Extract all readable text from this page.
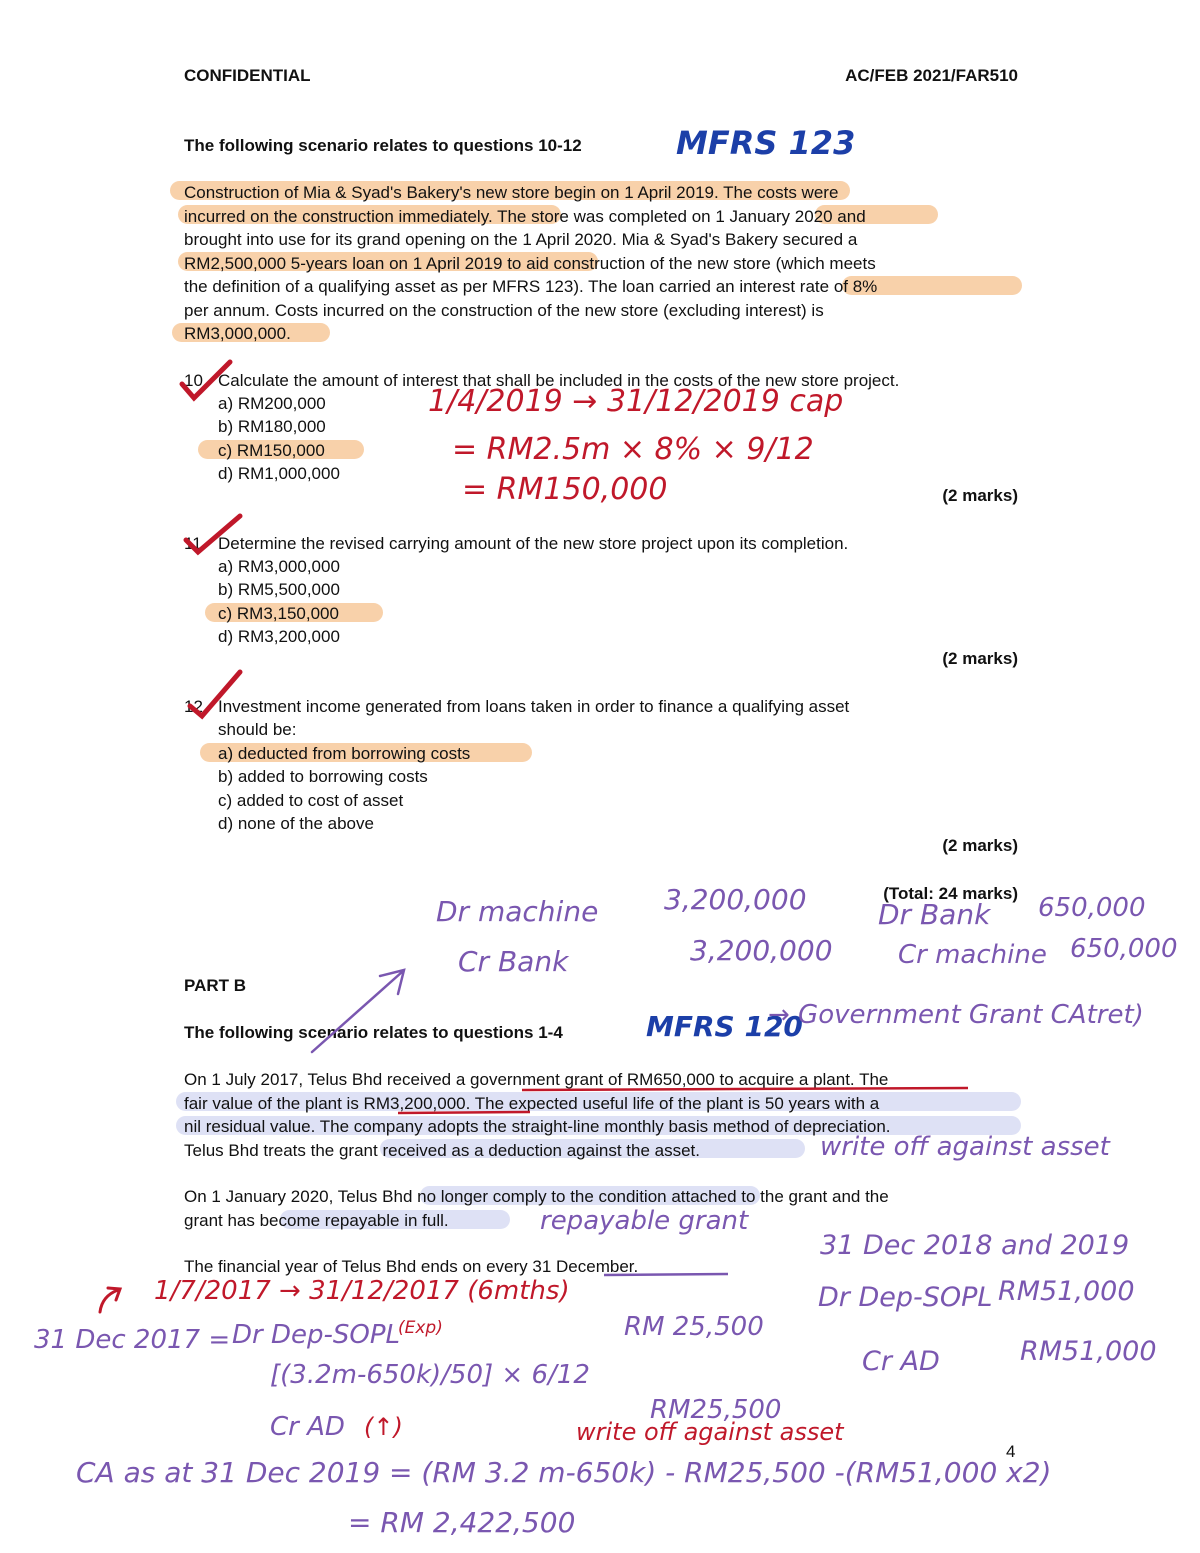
CONFIDENTIAL	AC/FEB 2021/FAR510
The following scenario relates to questions 10-12	MFRS 123
Construction of Mia & Syad's Bakery's new store begin on 1 April 2019. The costs were
incurred on the construction immediately. The store was completed on 1 January 2020 and
brought into use for its grand opening on the 1 April 2020. Mia & Syad's Bakery secured a
RM2,500,000 5-years loan on 1 April 2019 to aid construction of the new store (which meets
the definition of a qualifying asset as per MFRS 123). The loan carried an interest rate of 8%
per annum. Costs incurred on the construction of the new store (excluding interest) is
RM3,000,000.
10. Calculate the amount of interest that shall be included in the costs of the new store project.
a) RM200,000
b) RM180,000
c) RM150,000
d) RM1,000,000
(2 marks)
1/4/2019 → 31/12/2019 cap
= RM2.5m × 8% × 9/12
= RM150,000
11. Determine the revised carrying amount of the new store project upon its completion.
a) RM3,000,000
b) RM5,500,000
c) RM3,150,000
d) RM3,200,000
(2 marks)
12. Investment income generated from loans taken in order to finance a qualifying asset
should be:
a) deducted from borrowing costs
b) added to borrowing costs
c) added to cost of asset
d) none of the above
(2 marks)
(Total: 24 marks)
Dr machine 3,200,000
Cr Bank	3,200,000
Dr Bank 650,000
Cr machine 650,000
PART B
The following scenario relates to questions 1-4	MFRS 120
→ Government Grant CAtret)
On 1 July 2017, Telus Bhd received a government grant of RM650,000 to acquire a plant. The
fair value of the plant is RM3,200,000. The expected useful life of the plant is 50 years with a
nil residual value. The company adopts the straight-line monthly basis method of depreciation.
Telus Bhd treats the grant received as a deduction against the asset.	write off against asset
On 1 January 2020, Telus Bhd no longer comply to the condition attached to the grant and the
grant has become repayable in full.	repayable grant
The financial year of Telus Bhd ends on every 31 December.
31 Dec 2018 and 2019
Dr Dep-SOPL RM51,000
Cr AD	RM51,000
1/7/2017 → 31/12/2017 (6mths)
31 Dec 2017 = Dr Dep-SOPL
(Exp)
[(3.2m-650k)/50] × 6/12
RM 25,500
Cr AD (↑)
RM25,500
write off against asset
4
CA as at 31 Dec 2019 = (RM 3.2 m-650k) - RM25,500 -(RM51,000 x2)
= RM 2,422,500
